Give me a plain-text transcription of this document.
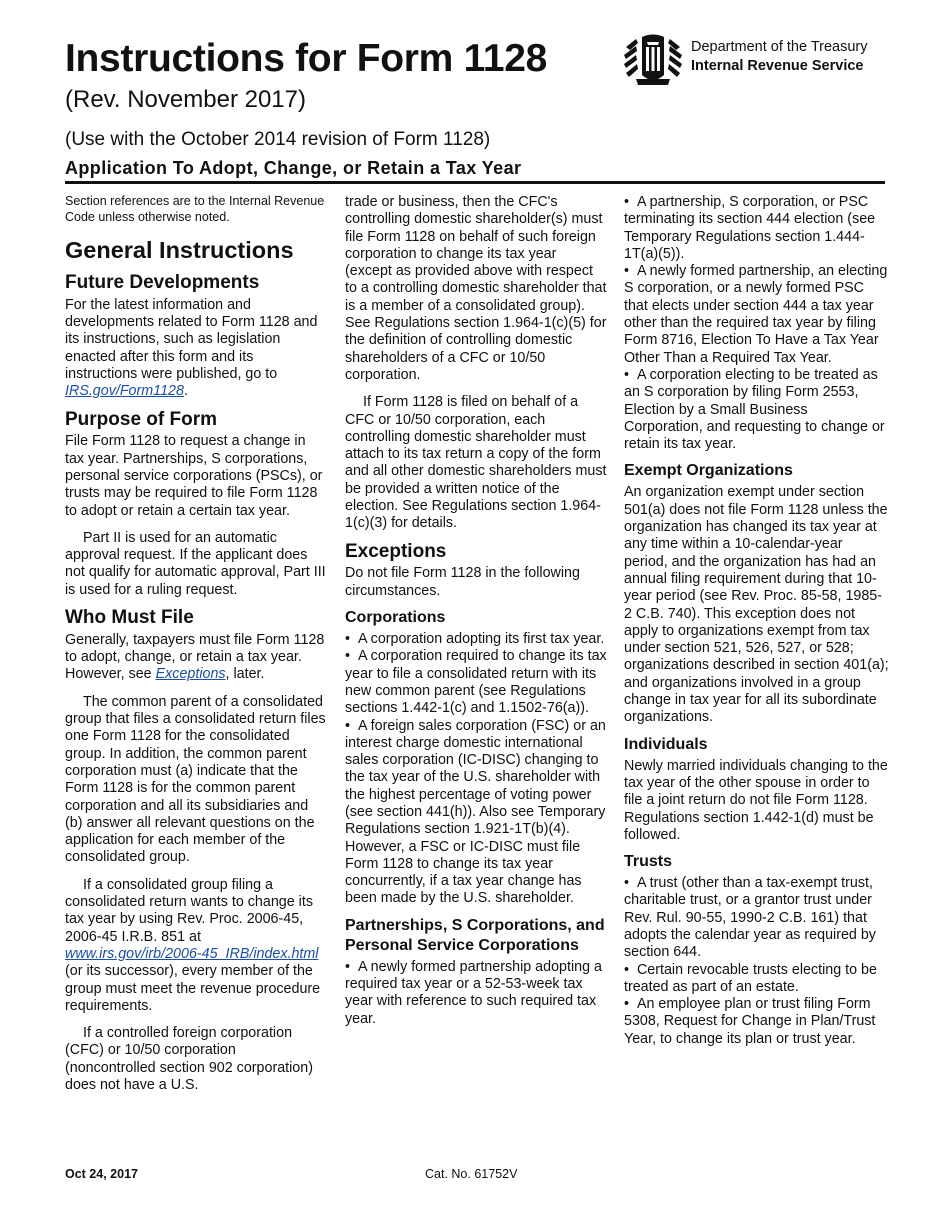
Instructions for Form 1128
(Rev. November 2017)
(Use with the October 2014 revision of Form 1128)
Application To Adopt, Change, or Retain a Tax Year
Department of the Treasury
Internal Revenue Service

Section references are to the Internal Revenue Code unless otherwise noted.

General Instructions
Future Developments

For the latest information and developments related to Form 1128 and its instructions, such as legislation enacted after this form and its instructions were published, go to IRS.gov/Form1128.

Purpose of Form

File Form 1128 to request a change in tax year. Partnerships, S corporations, personal service corporations (PSCs), or trusts may be required to file Form 1128 to adopt or retain a certain tax year.

Part II is used for an automatic approval request. If the applicant does not qualify for automatic approval, Part III is used for a ruling request.

Who Must File

Generally, taxpayers must file Form 1128 to adopt, change, or retain a tax year. However, see Exceptions, later.

The common parent of a consolidated group that files a consolidated return files one Form 1128 for the consolidated group. In addition, the common parent corporation must (a) indicate that the Form 1128 is for the common parent corporation and all its subsidiaries and (b) answer all relevant questions on the application for each member of the consolidated group.

If a consolidated group filing a consolidated return wants to change its tax year by using Rev. Proc. 2006-45, 2006-45 I.R.B. 851 at www.irs.gov/irb/2006-45_IRB/index.html (or its successor), every member of the group must meet the revenue procedure requirements.

If a controlled foreign corporation (CFC) or 10/50 corporation (noncontrolled section 902 corporation) does not have a U.S.

trade or business, then the CFC's controlling domestic shareholder(s) must file Form 1128 on behalf of such foreign corporation to change its tax year (except as provided above with respect to a controlling domestic shareholder that is a member of a consolidated group). See Regulations section 1.964-1(c)(5) for the definition of controlling domestic shareholders of a CFC or 10/50 corporation.

If Form 1128 is filed on behalf of a CFC or 10/50 corporation, each controlling domestic shareholder must attach to its tax return a copy of the form and all other domestic shareholders must be provided a written notice of the election. See Regulations section 1.964-1(c)(3) for details.

Exceptions

Do not file Form 1128 in the following circumstances.

Corporations

•  A corporation adopting its first tax year.

•  A corporation required to change its tax year to file a consolidated return with its new common parent (see Regulations sections 1.442-1(c) and 1.1502-76(a)).

•  A foreign sales corporation (FSC) or an interest charge domestic international sales corporation (IC-DISC) changing to the tax year of the U.S. shareholder with the highest percentage of voting power (see section 441(h)). Also see Temporary Regulations section 1.921-1T(b)(4). However, a FSC or IC-DISC must file Form 1128 to change its tax year concurrently, if a tax year change has been made by the U.S. shareholder.

Partnerships, S Corporations, and Personal Service Corporations

•  A newly formed partnership adopting a required tax year or a 52-53-week tax year with reference to such required tax year.

•  A partnership, S corporation, or PSC terminating its section 444 election (see Temporary Regulations section 1.444-1T(a)(5)).

•  A newly formed partnership, an electing S corporation, or a newly formed PSC that elects under section 444 a tax year other than the required tax year by filing Form 8716, Election To Have a Tax Year Other Than a Required Tax Year.

•  A corporation electing to be treated as an S corporation by filing Form 2553, Election by a Small Business Corporation, and requesting to change or retain its tax year.

Exempt Organizations

An organization exempt under section 501(a) does not file Form 1128 unless the organization has changed its tax year at any time within a 10-calendar-year period, and the organization has had an annual filing requirement during that 10-year period (see Rev. Proc. 85-58, 1985-2 C.B. 740). This exception does not apply to organizations exempt from tax under section 521, 526, 527, or 528; organizations described in section 401(a); and organizations involved in a group change in tax year for all its subordinate organizations.

Individuals

Newly married individuals changing to the tax year of the other spouse in order to file a joint return do not file Form 1128. Regulations section 1.442-1(d) must be followed.

Trusts

•  A trust (other than a tax-exempt trust, charitable trust, or a grantor trust under Rev. Rul. 90-55, 1990-2 C.B. 161) that adopts the calendar year as required by section 644.

•  Certain revocable trusts electing to be treated as part of an estate.

•  An employee plan or trust filing Form 5308, Request for Change in Plan/Trust Year, to change its plan or trust year.

Oct 24, 2017	Cat. No. 61752V
